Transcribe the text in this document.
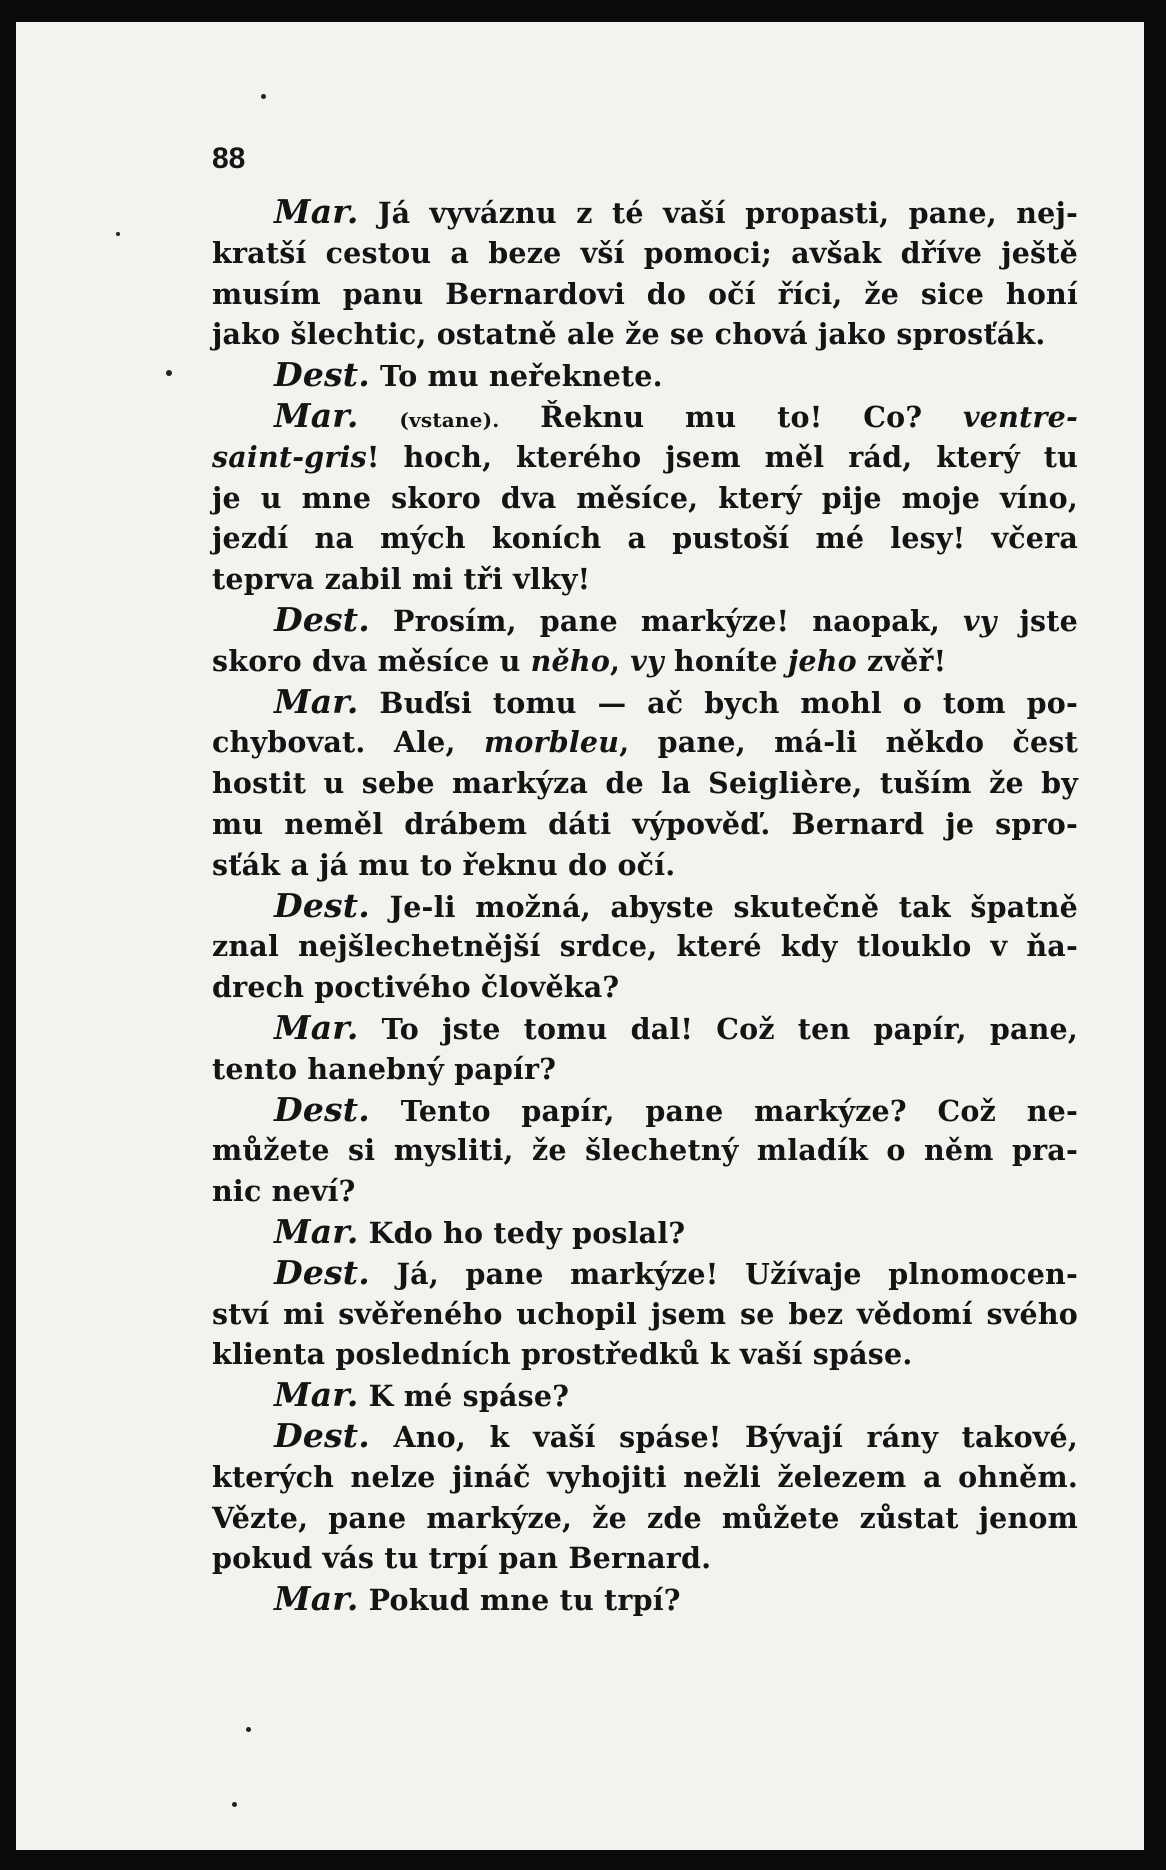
88
Mar. Já vyváznu z té vaší propasti, pane, nej-
kratší cestou a beze vší pomoci; avšak dříve ještě
musím panu Bernardovi do očí říci, že sice honí
jako šlechtic, ostatně ale že se chová jako sprosťák.
Dest. To mu neřeknete.
Mar. (vstane). Řeknu mu to! Co? ventre-
saint-gris! hoch, kterého jsem měl rád, který tu
je u mne skoro dva měsíce, který pije moje víno,
jezdí na mých koních a pustoší mé lesy! včera
teprva zabil mi tři vlky!
Dest. Prosím, pane markýze! naopak, vy jste
skoro dva měsíce u něho, vy honíte jeho zvěř!
Mar. Buďsi tomu — ač bych mohl o tom po-
chybovat. Ale, morbleu, pane, má-li někdo čest
hostit u sebe markýza de la Seiglière, tuším že by
mu neměl drábem dáti výpověď. Bernard je spro-
sťák a já mu to řeknu do očí.
Dest. Je-li možná, abyste skutečně tak špatně
znal nejšlechetnější srdce, které kdy tlouklo v ňa-
drech poctivého člověka?
Mar. To jste tomu dal! Což ten papír, pane,
tento hanebný papír?
Dest. Tento papír, pane markýze? Což ne-
můžete si mysliti, že šlechetný mladík o něm pra-
nic neví?
Mar. Kdo ho tedy poslal?
Dest. Já, pane markýze! Užívaje plnomocen-
ství mi svěřeného uchopil jsem se bez vědomí svého
klienta posledních prostředků k vaší spáse.
Mar. K mé spáse?
Dest. Ano, k vaší spáse! Bývají rány takové,
kterých nelze jináč vyhojiti nežli železem a ohněm.
Vězte, pane markýze, že zde můžete zůstat jenom
pokud vás tu trpí pan Bernard.
Mar. Pokud mne tu trpí?
